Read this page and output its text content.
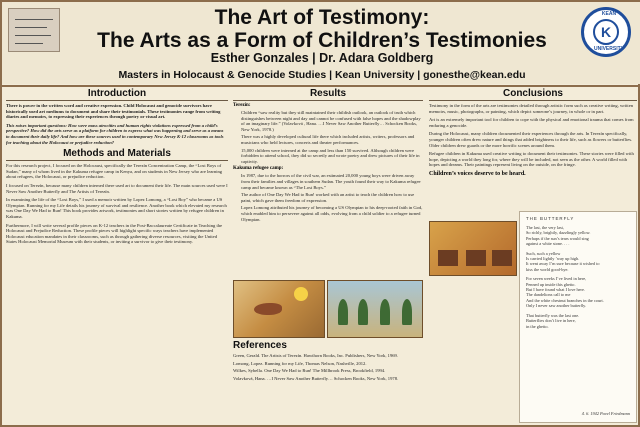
The Art of Testimony:
The Arts as a Form of Children’s Testimonies
Esther Gonzales | Dr. Adara Goldberg
Masters in Holocaust & Genocide Studies | Kean University | gonesthe@kean.edu
KEAN
K
UNIVERSITY
Introduction

There is power in the written word and creative expression. Child Holocaust and genocide survivors have historically used art mediums to document and share their testimonials. These testimonies range from writing diaries and memoirs, to expressing their experiences through poetry or visual art.

This raises important questions: How were mass atrocities and human rights violations expressed from a child’s perspective? How did the arts serve as a platform for children to express what was happening and serve as a means to document their daily life? And how are these sources used in contemporary New Jersey K-12 classrooms as tools for teaching about the Holocaust or prejudice reduction?

Methods and Materials

For this research project, I focused on the Holocaust, specifically the Terezín Concentration Camp, the “Lost Boys of Sudan,” many of whom lived in the Kakuma refugee camp in Kenya, and on students in New Jersey who are learning about refugees, the Holocaust, or prejudice reduction.

I focused on Terezín, because many children interned there used art to document their life. The main sources used were I Never Saw Another Butterfly and The Artists of Terezín.

In examining the life of the “Lost Boys,” I used a memoir written by Lopez Lomong, a “Lost Boy” who became a US Olympian. Running for my Life details his journey of survival and resilience. Another book which elevated my research was One Day We Had to Run! This book provides artwork, testimonies and short stories written by refugee children in Kakuma.

Furthermore, I will write several profile pieces on K-12 teachers in the Post-Baccalaureate Certificate in Teaching the Holocaust and Prejudice Reduction. These profile pieces will highlight specific ways teachers have implemented Holocaust education mandates in their classrooms, such as through gathering diverse resources, visiting the United States Holocaust Memorial Museum with their students, or inviting a survivor to give their testimony.

Results
Terezín:
• Children “saw reality but they still maintained their childish outlook, an outlook of truth which distinguishes between night and day and cannot be confused with false hopes and the shadowplay of an imaginary life.” (Volavková , Hana. …I Never Saw Another Butterfly… Schocken Books, New York, 1978.)
• There was a highly developed cultural life there which included artists, writers, professors and musicians who held lectures, concerts and theater performances.
• 15,000 children were interned at the camp and less than 150 survived. Although children were forbidden to attend school, they did so secretly and wrote poetry and drew pictures of their life in captivity.
Kakuma refugee camp:
• In 1987, due to the horrors of the civil war, an estimated 20,000 young boys were driven away from their families and villages in southern Sudan. The youth found their way to Kakuma refugee camp and became known as “The Lost Boys.”
• The author of One Day We Had to Run! worked with an artist to teach the children how to use paint, which gave them freedom of expression.
• Lopez Lomong attributed his journey of becoming a US Olympian to his deep-rooted faith in God, which enabled him to persevere against all odds, evolving from a child soldier to a refugee turned Olympian.
References

Green, Gerald. The Artists of Terezín. Hawthorn Books, Inc. Publishers, New York, 1969.

Lomong, Lopez. Running for my Life, Thomas Nelson, Nashville, 2012.

Wilkes, Sybella. One Day We Had to Run! The Millbrook Press, Brookfield, 1994.

Volavková, Hana. …I Never Saw Another Butterfly… Schocken Books, New York, 1978.

Conclusions

Testimony in the form of the arts are testimonies detailed through artistic form such as creative writing, written memoirs, music, photographs, or painting, which depict someone’s journey, in whole or in part.

Art is an extremely important tool for children to cope with the physical and emotional trauma that comes from enduring a genocide.

During the Holocaust, many children documented their experiences through the arts. In Terezín specifically, younger children often drew nature and things that added brightness to their life, such as flowers or butterflies. Older children drew guards or the more horrific scenes around them.

Refugee children in Kakuma used creative writing to document their testimonies. These stories were filled with hope, depicting a world they long for, where they will be included, not seen as the other. A world filled with hopes and dreams. Their paintings represent living on the outside, on the fringe.

Children’s voices deserve to be heard.
THE BUTTERFLY
The last, the very last,
So richly, brightly, dazzlingly yellow.
Perhaps if the sun’s tears would sing
against a white stone. . . .
Such, such a yellow
Is carried lightly ’way up high.
It went away I’m sure because it wished to
kiss the world good-bye.
For seven weeks I’ve lived in here,
Penned up inside this ghetto.
But I have found what I love here.
The dandelions call to me
And the white chestnut branches in the court.
Only I never saw another butterfly.
That butterfly was the last one.
Butterflies don’t live in here,
in the ghetto.
4. 6. 1942 Pavel Friedmann
